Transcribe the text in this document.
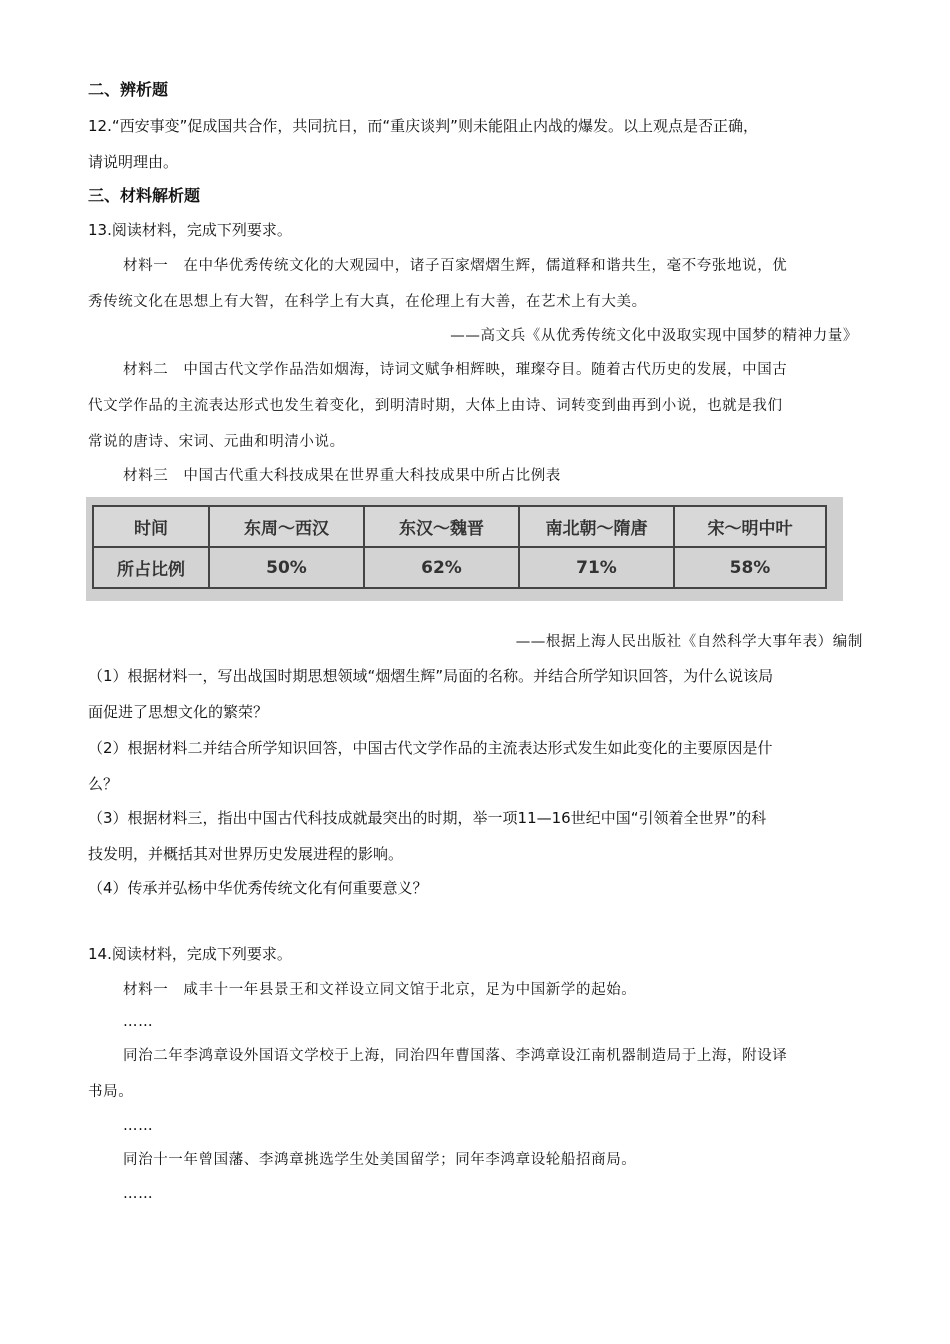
二、辨析题
12.“西安事变”促成国共合作，共同抗日，而“重庆谈判”则未能阻止内战的爆发。以上观点是否正确，
请说明理由。
三、材料解析题
13.阅读材料，完成下列要求。
材料一　在中华优秀传统文化的大观园中，诸子百家熠熠生辉，儒道释和谐共生，毫不夸张地说，优
秀传统文化在思想上有大智，在科学上有大真，在伦理上有大善，在艺术上有大美。
——高文兵《从优秀传统文化中汲取实现中国梦的精神力量》
材料二　中国古代文学作品浩如烟海，诗词文赋争相辉映，璀璨夺目。随着古代历史的发展，中国古
代文学作品的主流表达形式也发生着变化，到明清时期，大体上由诗、词转变到曲再到小说，也就是我们
常说的唐诗、宋词、元曲和明清小说。
材料三　中国古代重大科技成果在世界重大科技成果中所占比例表
时间	东周～西汉	东汉～魏晋	南北朝～隋唐	宋～明中叶
所占比例	50%	62%	71%	58%
——根据上海人民出版社《自然科学大事年表）编制
（1）根据材料一，写出战国时期思想领域“烟熠生辉”局面的名称。并结合所学知识回答，为什么说该局
面促进了思想文化的繁荣？
（2）根据材料二并结合所学知识回答，中国古代文学作品的主流表达形式发生如此变化的主要原因是什
么？
（3）根据材料三，指出中国古代科技成就最突出的时期，举一项11—16世纪中国“引领着全世界”的科
技发明，并概括其对世界历史发展进程的影响。
（4）传承并弘杨中华优秀传统文化有何重要意义？
14.阅读材料，完成下列要求。
材料一　咸丰十一年县景王和文祥设立同文馆于北京，足为中国新学的起始。
……
同治二年李鸿章设外国语文学校于上海，同治四年曹国落、李鸿章设江南机器制造局于上海，附设译
书局。
……
同治十一年曾国藩、李鸿章挑选学生处美国留学；同年李鸿章设轮船招商局。
……
